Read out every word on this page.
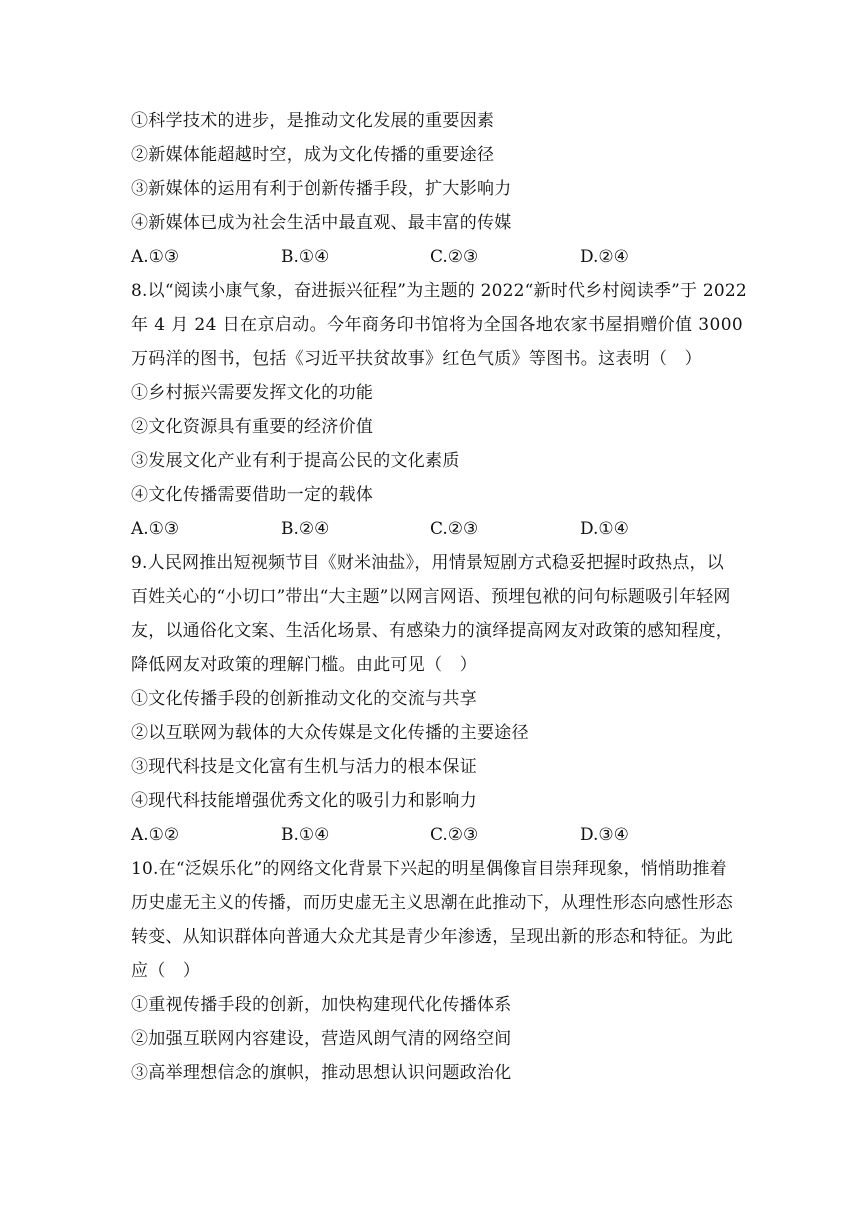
①科学技术的进步，是推动文化发展的重要因素
②新媒体能超越时空，成为文化传播的重要途径
③新媒体的运用有利于创新传播手段，扩大影响力
④新媒体已成为社会生活中最直观、最丰富的传媒
A.①③	B.①④	C.②③	D.②④
8.以“阅读小康气象，奋进振兴征程”为主题的 2022“新时代乡村阅读季”于 2022
年 4 月 24 日在京启动。今年商务印书馆将为全国各地农家书屋捐赠价值 3000
万码洋的图书，包括《习近平扶贫故事》红色气质》等图书。这表明（　）
①乡村振兴需要发挥文化的功能
②文化资源具有重要的经济价值
③发展文化产业有利于提高公民的文化素质
④文化传播需要借助一定的载体
A.①③	B.②④	C.②③	D.①④
9.人民网推出短视频节目《财米油盐》，用情景短剧方式稳妥把握时政热点，以
百姓关心的“小切口”带出“大主题”以网言网语、预埋包袱的问句标题吸引年轻网
友，以通俗化文案、生活化场景、有感染力的演绎提高网友对政策的感知程度，
降低网友对政策的理解门槛。由此可见（　）
①文化传播手段的创新推动文化的交流与共享
②以互联网为载体的大众传媒是文化传播的主要途径
③现代科技是文化富有生机与活力的根本保证
④现代科技能增强优秀文化的吸引力和影响力
A.①②	B.①④	C.②③	D.③④
10.在“泛娱乐化”的网络文化背景下兴起的明星偶像盲目崇拜现象，悄悄助推着
历史虚无主义的传播，而历史虚无主义思潮在此推动下，从理性形态向感性形态
转变、从知识群体向普通大众尤其是青少年渗透，呈现出新的形态和特征。为此
应（　）
①重视传播手段的创新，加快构建现代化传播体系
②加强互联网内容建设，营造风朗气清的网络空间
③高举理想信念的旗帜，推动思想认识问题政治化
